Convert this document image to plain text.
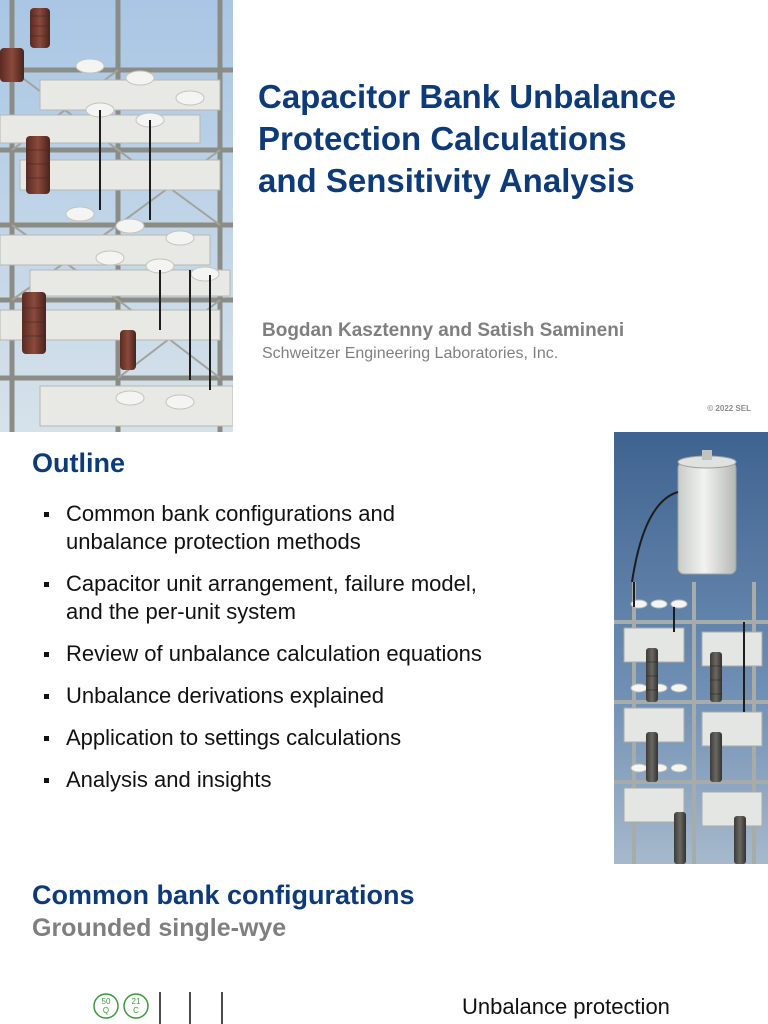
Capacitor Bank Unbalance
Protection Calculations
and Sensitivity Analysis
Bogdan Kasztenny and Satish Samineni
Schweitzer Engineering Laboratories, Inc.
© 2022 SEL
Outline
Common bank configurations and
unbalance protection methods
Capacitor unit arrangement, failure model,
and the per-unit system
Review of unbalance calculation equations
Unbalance derivations explained
Application to settings calculations
Analysis and insights
Common bank configurations
Grounded single-wye
50
Q
21
C	Unbalance protection
